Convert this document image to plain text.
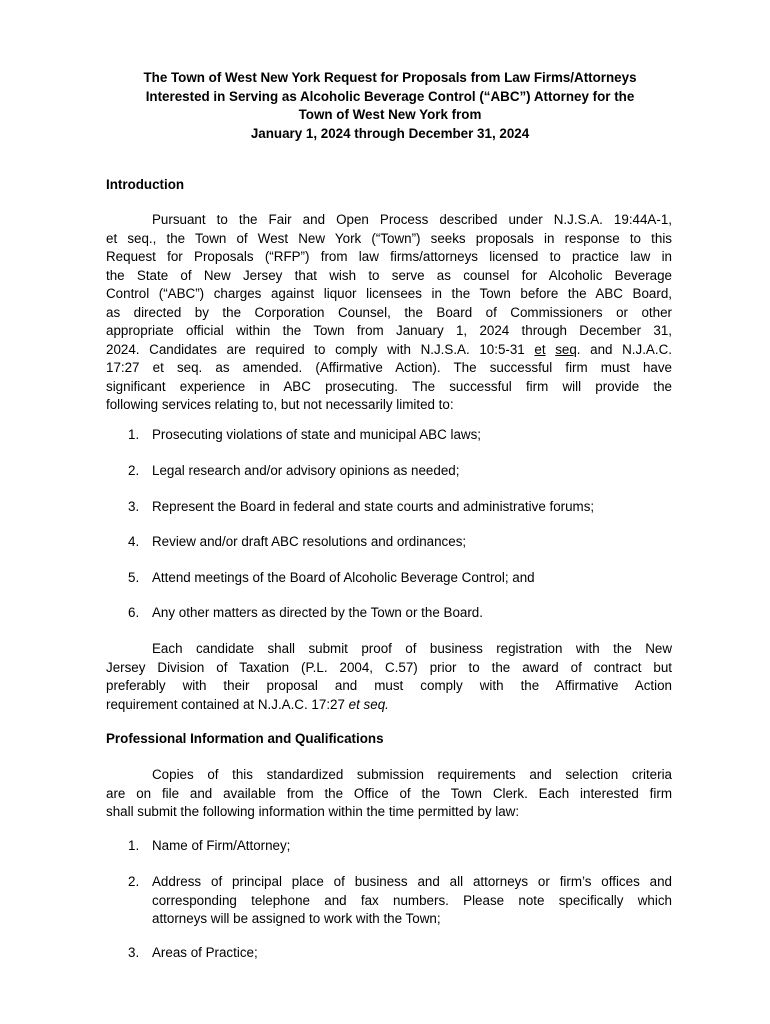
The Town of West New York Request for Proposals from Law Firms/Attorneys
Interested in Serving as Alcoholic Beverage Control (“ABC”) Attorney for the
Town of West New York from
January 1, 2024 through December 31, 2024
Introduction
Pursuant to the Fair and Open Process described under N.J.S.A. 19:44A-1,
et seq., the Town of West New York (“Town”) seeks proposals in response to this
Request for Proposals (“RFP”) from law firms/attorneys licensed to practice law in
the State of New Jersey that wish to serve as counsel for Alcoholic Beverage
Control (“ABC”) charges against liquor licensees in the Town before the ABC Board,
as directed by the Corporation Counsel, the Board of Commissioners or other
appropriate official within the Town from January 1, 2024 through December 31,
2024. Candidates are required to comply with N.J.S.A. 10:5-31 et seq. and N.J.A.C.
17:27 et seq. as amended. (Affirmative Action). The successful firm must have
significant experience in ABC prosecuting. The successful firm will provide the
following services relating to, but not necessarily limited to:
1. Prosecuting violations of state and municipal ABC laws;
2. Legal research and/or advisory opinions as needed;
3. Represent the Board in federal and state courts and administrative forums;
4. Review and/or draft ABC resolutions and ordinances;
5. Attend meetings of the Board of Alcoholic Beverage Control; and
6. Any other matters as directed by the Town or the Board.
Each candidate shall submit proof of business registration with the New
Jersey Division of Taxation (P.L. 2004, C.57) prior to the award of contract but
preferably with their proposal and must comply with the Affirmative Action
requirement contained at N.J.A.C. 17:27 et seq.
Professional Information and Qualifications
Copies of this standardized submission requirements and selection criteria
are on file and available from the Office of the Town Clerk. Each interested firm
shall submit the following information within the time permitted by law:
1. Name of Firm/Attorney;
2. Address of principal place of business and all attorneys or firm’s offices and
corresponding telephone and fax numbers. Please note specifically which
attorneys will be assigned to work with the Town;
3. Areas of Practice;
